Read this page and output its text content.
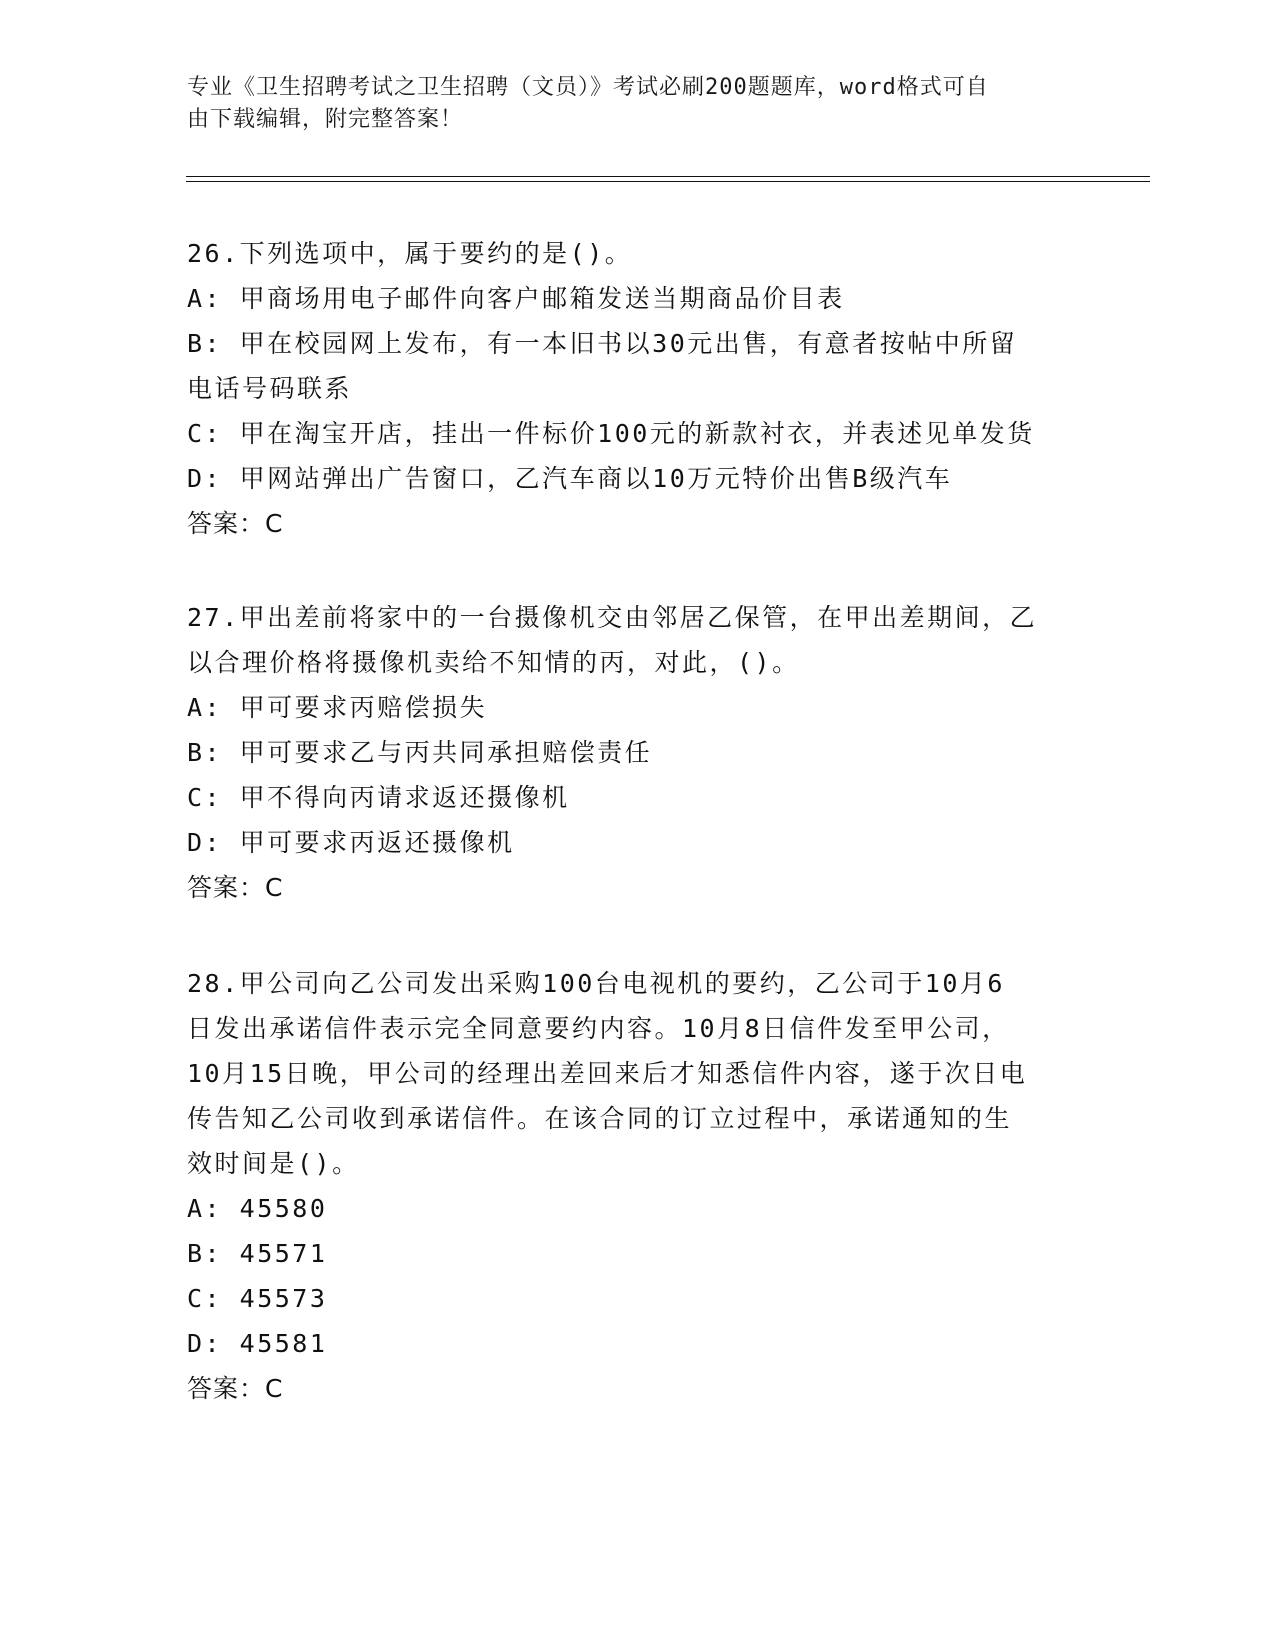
专业《卫生招聘考试之卫生招聘（文员）》考试必刷200题题库，word格式可自
由下载编辑，附完整答案！
26.下列选项中，属于要约的是()。
A: 甲商场用电子邮件向客户邮箱发送当期商品价目表
B: 甲在校园网上发布，有一本旧书以30元出售，有意者按帖中所留
电话号码联系
C: 甲在淘宝开店，挂出一件标价100元的新款衬衣，并表述见单发货
D: 甲网站弹出广告窗口，乙汽车商以10万元特价出售B级汽车
答案：C
27.甲出差前将家中的一台摄像机交由邻居乙保管，在甲出差期间，乙
以合理价格将摄像机卖给不知情的丙，对此，()。
A: 甲可要求丙赔偿损失
B: 甲可要求乙与丙共同承担赔偿责任
C: 甲不得向丙请求返还摄像机
D: 甲可要求丙返还摄像机
答案：C
28.甲公司向乙公司发出采购100台电视机的要约，乙公司于10月6
日发出承诺信件表示完全同意要约内容。10月8日信件发至甲公司，
10月15日晚，甲公司的经理出差回来后才知悉信件内容，遂于次日电
传告知乙公司收到承诺信件。在该合同的订立过程中，承诺通知的生
效时间是()。
A: 45580
B: 45571
C: 45573
D: 45581
答案：C
